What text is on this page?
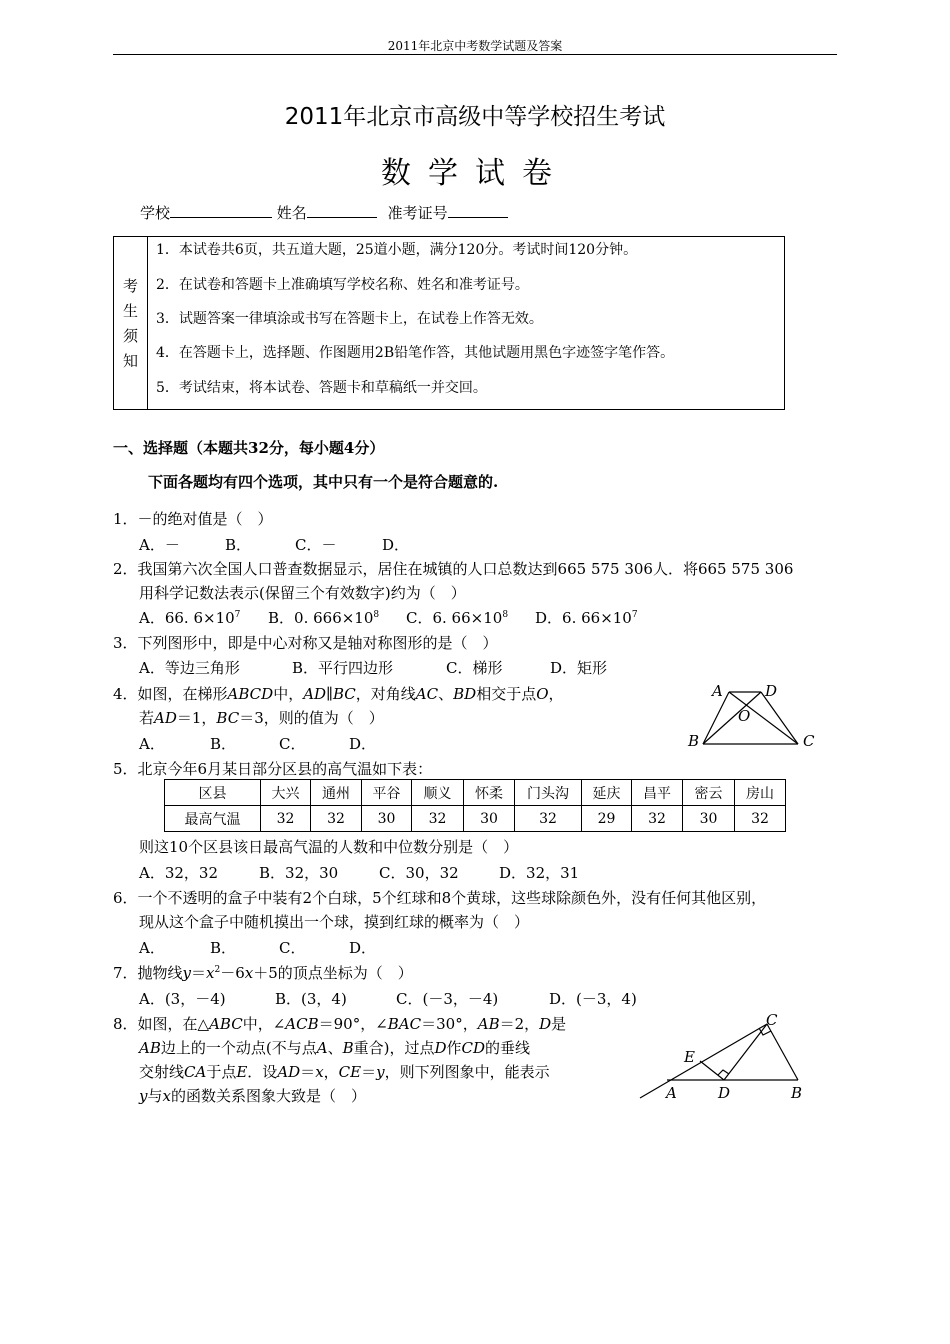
2011年北京中考数学试题及答案
2011年北京市高级中等学校招生考试
数学试卷
学校	姓名	准考证号
考
生
须
知
1．本试卷共6页，共五道大题，25道小题，满分120分。考试时间120分钟。
2．在试卷和答题卡上准确填写学校名称、姓名和准考证号。
3．试题答案一律填涂或书写在答题卡上，在试卷上作答无效。
4．在答题卡上，选择题、作图题用2B铅笔作答，其他试题用黑色字迹签字笔作答。
5．考试结束，将本试卷、答题卡和草稿纸一并交回。
一、选择题（本题共32分，每小题4分）
下面各题均有四个选项，其中只有一个是符合题意的.
1．－的绝对值是（　）
A．－	B．	C．－	D．
2．我国第六次全国人口普查数据显示，居住在城镇的人口总数达到665 575 306人．将665 575 306
用科学记数法表示(保留三个有效数字)约为（　）
A．66. $6\times 10^7$ B．0. $666\times 10^8$ C．6. $66\times 10^8$ D．6. $66\times 10^7$
3．下列图形中，即是中心对称又是轴对称图形的是（　）
A．等边三角形	B．平行四边形	C．梯形	D．矩形
4．如图，在梯形ABCD中，AD∥BC，对角线AC、BD相交于点O，
若AD＝1，BC＝3，则的值为（　）
A．	B．	C．	D．
A	D
O
B	C
5．北京今年6月某日部分区县的高气温如下表：
区县	大兴	通州	平谷	顺义	怀柔	门头沟	延庆	昌平	密云	房山
最高气温	32	32	30	32	30	32	29	32	30	32
则这10个区县该日最高气温的人数和中位数分别是（　）
A．32，32	B．32，30	C．30，32	D．32，31
6．一个不透明的盒子中装有2个白球，5个红球和8个黄球，这些球除颜色外，没有任何其他区别，
现从这个盒子中随机摸出一个球，摸到红球的概率为（　）
A．	B．	C．	D．
7．抛物线$y=x^2-6x+5$的顶点坐标为（　）
A．(3，－4)	B．(3，4)	C．(－3，－4)	D．(－3，4)
8．如图，在△ABC中，∠ACB＝90°，∠BAC＝30°，AB＝2，D是
AB边上的一个动点(不与点A、B重合)，过点D作CD的垂线
交射线CA于点E．设AD＝x，CE＝y，则下列图象中，能表示
y与x的函数关系图象大致是（　）
C
E
A	D	B
